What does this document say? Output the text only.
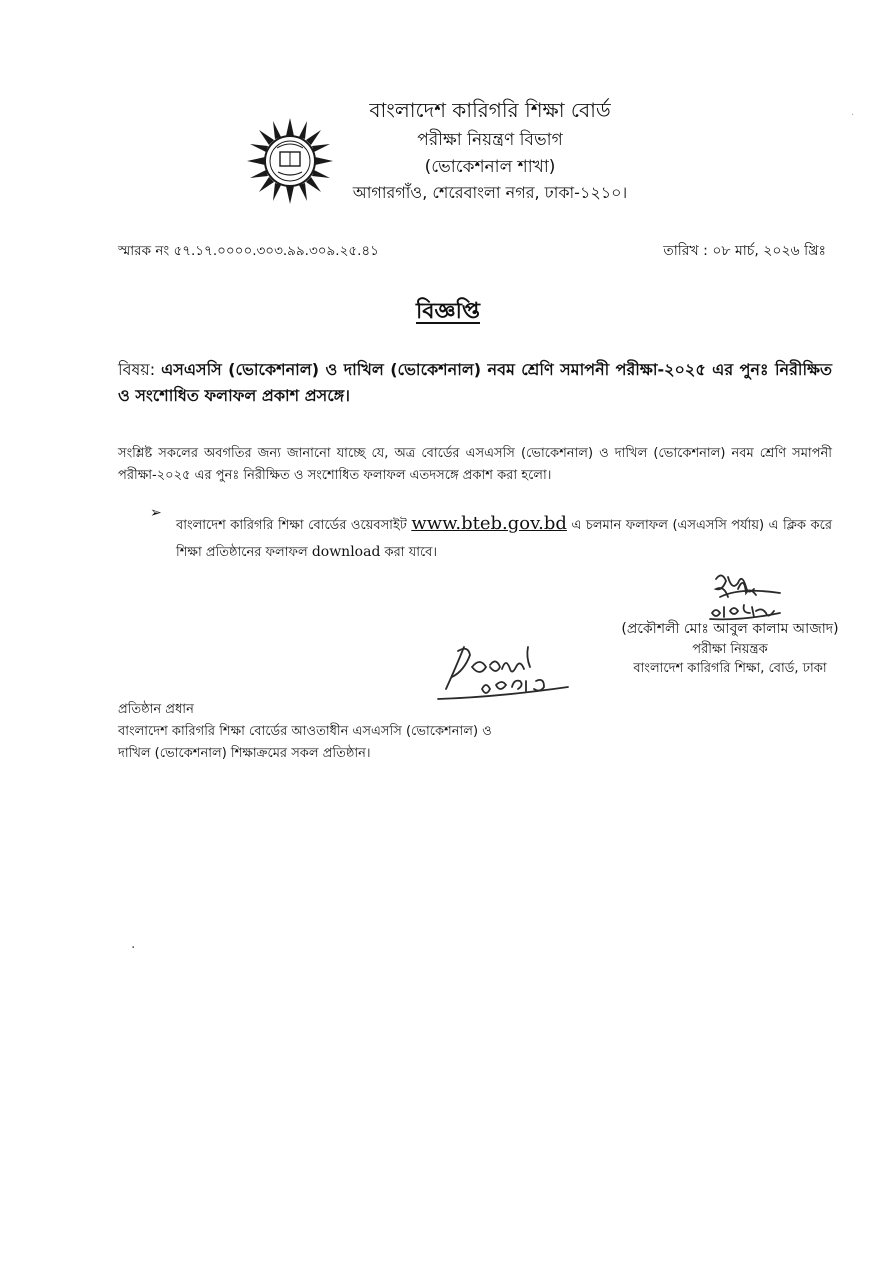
বাংলাদেশ কারিগরি শিক্ষা বোর্ড
পরীক্ষা নিয়ন্ত্রণ বিভাগ
(ভোকেশনাল শাখা)
আগারগাঁও, শেরেবাংলা নগর, ঢাকা-১২১০।
স্মারক নং ৫৭.১৭.০০০০.৩০৩.৯৯.৩০৯.২৫.৪১	তারিখ : ০৮ মার্চ, ২০২৬ খ্রিঃ
বিজ্ঞপ্তি
বিষয়: এসএসসি (ভোকেশনাল) ও দাখিল (ভোকেশনাল) নবম শ্রেণি সমাপনী পরীক্ষা-২০২৫ এর পুনঃ নিরীক্ষিত ও সংশোধিত ফলাফল প্রকাশ প্রসঙ্গে।
সংশ্লিষ্ট সকলের অবগতির জন্য জানানো যাচ্ছে যে, অত্র বোর্ডের এসএসসি (ভোকেশনাল) ও দাখিল (ভোকেশনাল) নবম শ্রেণি সমাপনী পরীক্ষা-২০২৫ এর পুনঃ নিরীক্ষিত ও সংশোধিত ফলাফল এতদসঙ্গে প্রকাশ করা হলো।
➢
বাংলাদেশ কারিগরি শিক্ষা বোর্ডের ওয়েবসাইট www.bteb.gov.bd এ চলমান ফলাফল (এসএসসি পর্যায়) এ ক্লিক করে শিক্ষা প্রতিষ্ঠানের ফলাফল download করা যাবে।
(প্রকৌশলী মোঃ আবুল কালাম আজাদ)
পরীক্ষা নিয়ন্ত্রক
বাংলাদেশ কারিগরি শিক্ষা, বোর্ড, ঢাকা
প্রতিষ্ঠান প্রধান
বাংলাদেশ কারিগরি শিক্ষা বোর্ডের আওতাধীন এসএসসি (ভোকেশনাল) ও
দাখিল (ভোকেশনাল) শিক্ষাক্রমের সকল প্রতিষ্ঠান।
·
·
